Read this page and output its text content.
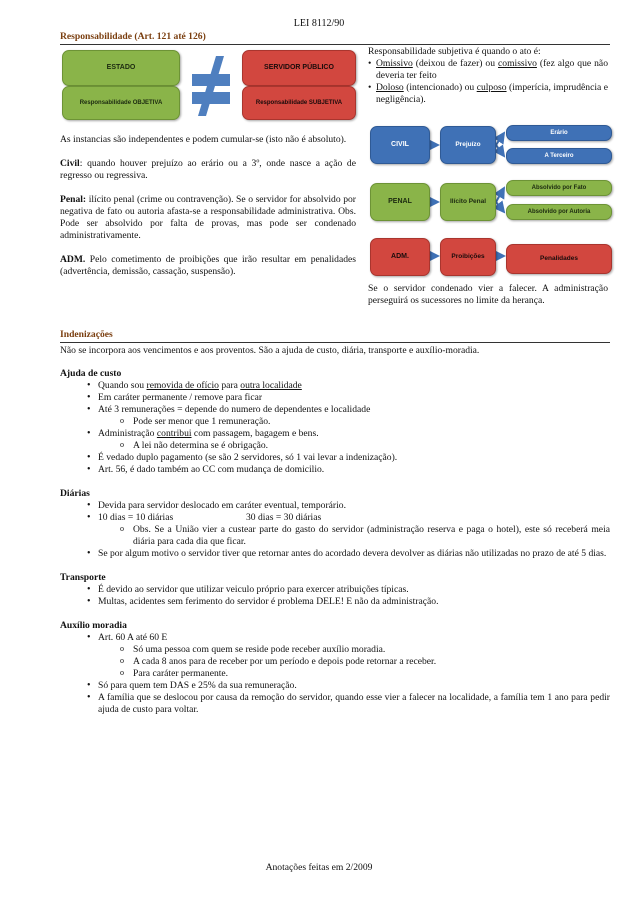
LEI 8112/90
Responsabilidade (Art. 121 até 126)
ESTADO
Responsabilidade OBJETIVA
SERVIDOR PÚBLICO
Responsabilidade SUBJETIVA

Responsabilidade subjetiva é quando o ato é:

• Omissivo (deixou de fazer) ou comissivo (fez algo que não deveria ter feito

• Doloso (intencionado) ou culposo (imperícia, imprudência e negligência).

As instancias são independentes e podem cumular-se (isto não é absoluto).

Civil: quando houver prejuízo ao erário ou a 3º, onde nasce a ação de regresso ou regressiva.

Penal: ilícito penal (crime ou contravenção). Se o servidor for absolvido por negativa de fato ou autoria afasta-se a responsabilidade administrativa. Obs. Pode ser absolvido por falta de provas, mas pode ser condenado administrativamente.

ADM. Pelo cometimento de proibições que irão resultar em penalidades (advertência, demissão, cassação, suspensão).

CIVIL	Prejuízo
Erário
A Terceiro
PENAL	Ilícito Penal
Absolvido por Fato
Absolvido por Autoria
ADM.	Proibições	Penalidades
Se o servidor condenado vier a falecer. A administração perseguirá os sucessores no limite da herança.
Indenizações
Não se incorpora aos vencimentos e aos proventos. São a ajuda de custo, diária, transporte e auxílio-moradia.

Ajuda de custo

• Quando sou removida de ofício para outra localidade
• Em caráter permanente / remove para ficar
• Até 3 remunerações = depende do numero de dependentes e localidade

o Pode ser menor que 1 remuneração.

• Administração contribui com passagem, bagagem e bens.

o A lei não determina se é obrigação.

• É vedado duplo pagamento (se são 2 servidores, só 1 vai levar a indenização).
• Art. 56, é dado também ao CC com mudança de domicilio.

Diárias

• Devida para servidor deslocado em caráter eventual, temporário.
• 10 dias = 10 diárias	30 dias = 30 diárias

o Obs. Se a União vier a custear parte do gasto do servidor (administração reserva e paga o hotel), este só receberá meia diária para cada dia que ficar.

• Se por algum motivo o servidor tiver que retornar antes do acordado devera devolver as diárias não utilizadas no prazo de até 5 dias.

Transporte

• É devido ao servidor que utilizar veiculo próprio para exercer atribuições típicas.
• Multas, acidentes sem ferimento do servidor é problema DELE! E não da administração.

Auxílio moradia

• Art. 60 A até 60 E

o Só uma pessoa com quem se reside pode receber auxílio moradia.

o A cada 8 anos para de receber por um período e depois pode retornar a receber.

o Para caráter permanente.

• Só para quem tem DAS e 25% da sua remuneração.
• A família que se deslocou por causa da remoção do servidor, quando esse vier a falecer na localidade, a família tem 1 ano para pedir ajuda de custo para voltar.
Anotações feitas em 2/2009
